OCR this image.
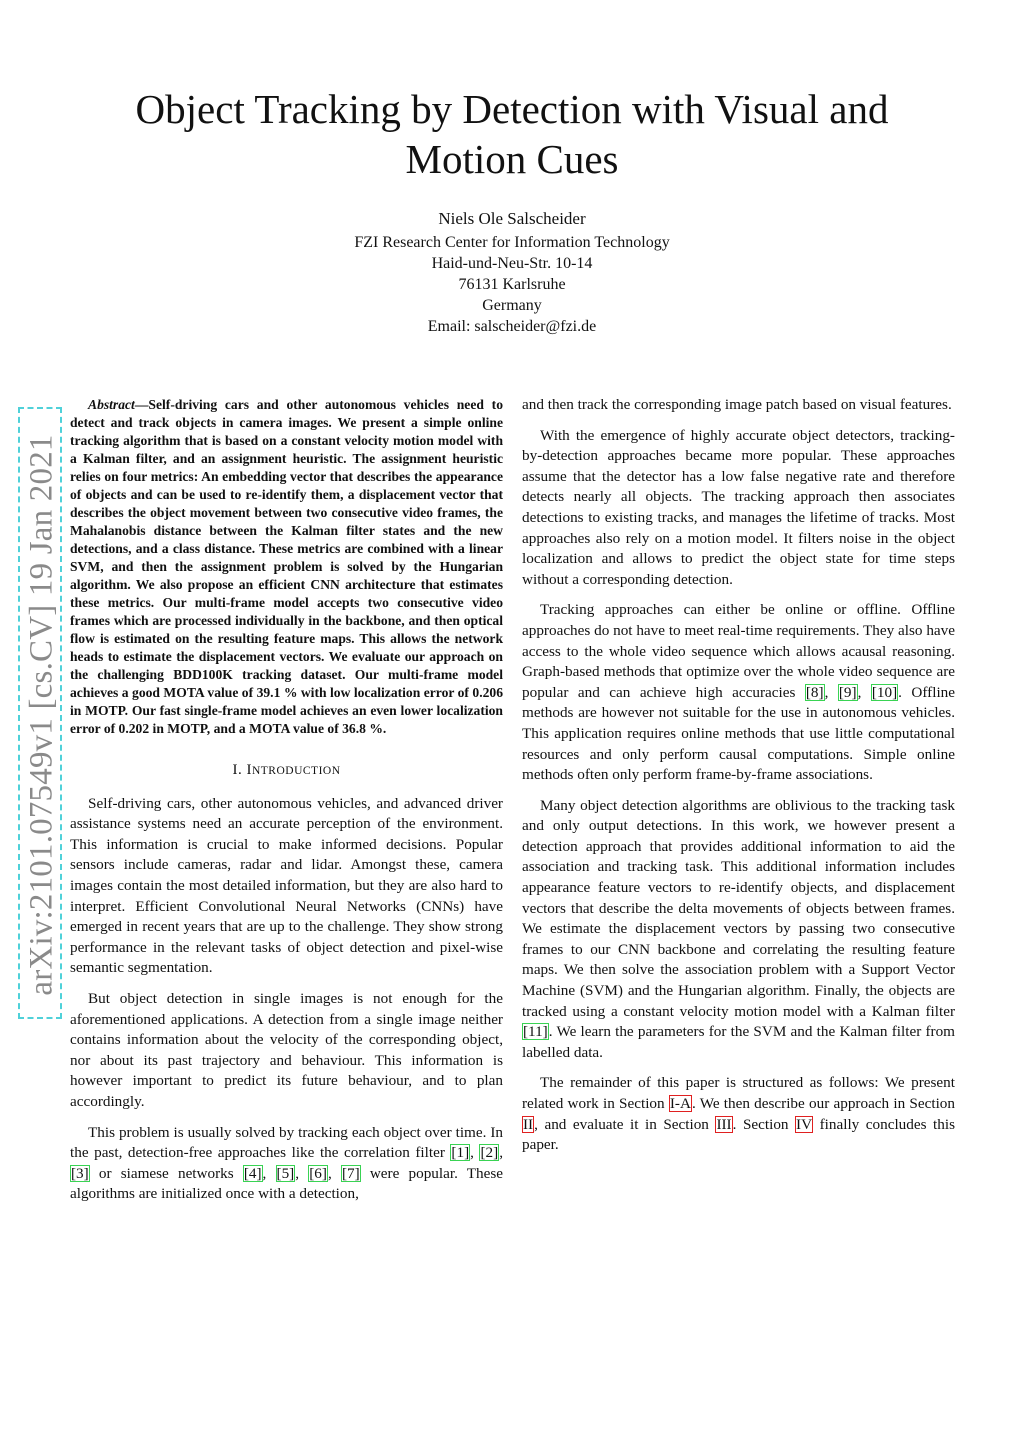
Object Tracking by Detection with Visual and
Motion Cues
Niels Ole Salscheider
FZI Research Center for Information Technology
Haid-und-Neu-Str. 10-14
76131 Karlsruhe
Germany
Email: salscheider@fzi.de
arXiv:2101.07549v1 [cs.CV] 19 Jan 2021

Abstract—Self-driving cars and other autonomous vehicles need to detect and track objects in camera images. We present a simple online tracking algorithm that is based on a constant velocity motion model with a Kalman filter, and an assignment heuristic. The assignment heuristic relies on four metrics: An embedding vector that describes the appearance of objects and can be used to re-identify them, a displacement vector that describes the object movement between two consecutive video frames, the Mahalanobis distance between the Kalman filter states and the new detections, and a class distance. These metrics are combined with a linear SVM, and then the assignment problem is solved by the Hungarian algorithm. We also propose an efficient CNN architecture that estimates these metrics. Our multi-frame model accepts two consecutive video frames which are processed individually in the backbone, and then optical flow is estimated on the resulting feature maps. This allows the network heads to estimate the displacement vectors. We evaluate our approach on the challenging BDD100K tracking dataset. Our multi-frame model achieves a good MOTA value of 39.1 % with low localization error of 0.206 in MOTP. Our fast single-frame model achieves an even lower localization error of 0.202 in MOTP, and a MOTA value of 36.8 %.

I. INTRODUCTION

Self-driving cars, other autonomous vehicles, and advanced driver assistance systems need an accurate perception of the environment. This information is crucial to make informed decisions. Popular sensors include cameras, radar and lidar. Amongst these, camera images contain the most detailed information, but they are also hard to interpret. Efficient Convolutional Neural Networks (CNNs) have emerged in recent years that are up to the challenge. They show strong performance in the relevant tasks of object detection and pixel-wise semantic segmentation.

But object detection in single images is not enough for the aforementioned applications. A detection from a single image neither contains information about the velocity of the corresponding object, nor about its past trajectory and behaviour. This information is however important to predict its future behaviour, and to plan accordingly.

This problem is usually solved by tracking each object over time. In the past, detection-free approaches like the correlation filter [1], [2], [3] or siamese networks [4], [5], [6], [7] were popular. These algorithms are initialized once with a detection,

and then track the corresponding image patch based on visual features.

With the emergence of highly accurate object detectors, tracking-by-detection approaches became more popular. These approaches assume that the detector has a low false negative rate and therefore detects nearly all objects. The tracking approach then associates detections to existing tracks, and manages the lifetime of tracks. Most approaches also rely on a motion model. It filters noise in the object localization and allows to predict the object state for time steps without a corresponding detection.

Tracking approaches can either be online or offline. Offline approaches do not have to meet real-time requirements. They also have access to the whole video sequence which allows acausal reasoning. Graph-based methods that optimize over the whole video sequence are popular and can achieve high accuracies [8], [9], [10]. Offline methods are however not suitable for the use in autonomous vehicles. This application requires online methods that use little computational resources and only perform causal computations. Simple online methods often only perform frame-by-frame associations.

Many object detection algorithms are oblivious to the tracking task and only output detections. In this work, we however present a detection approach that provides additional information to aid the association and tracking task. This additional information includes appearance feature vectors to re-identify objects, and displacement vectors that describe the delta movements of objects between frames. We estimate the displacement vectors by passing two consecutive frames to our CNN backbone and correlating the resulting feature maps. We then solve the association problem with a Support Vector Machine (SVM) and the Hungarian algorithm. Finally, the objects are tracked using a constant velocity motion model with a Kalman filter [11]. We learn the parameters for the SVM and the Kalman filter from labelled data.

The remainder of this paper is structured as follows: We present related work in Section I-A. We then describe our approach in Section II, and evaluate it in Section III. Section IV finally concludes this paper.
